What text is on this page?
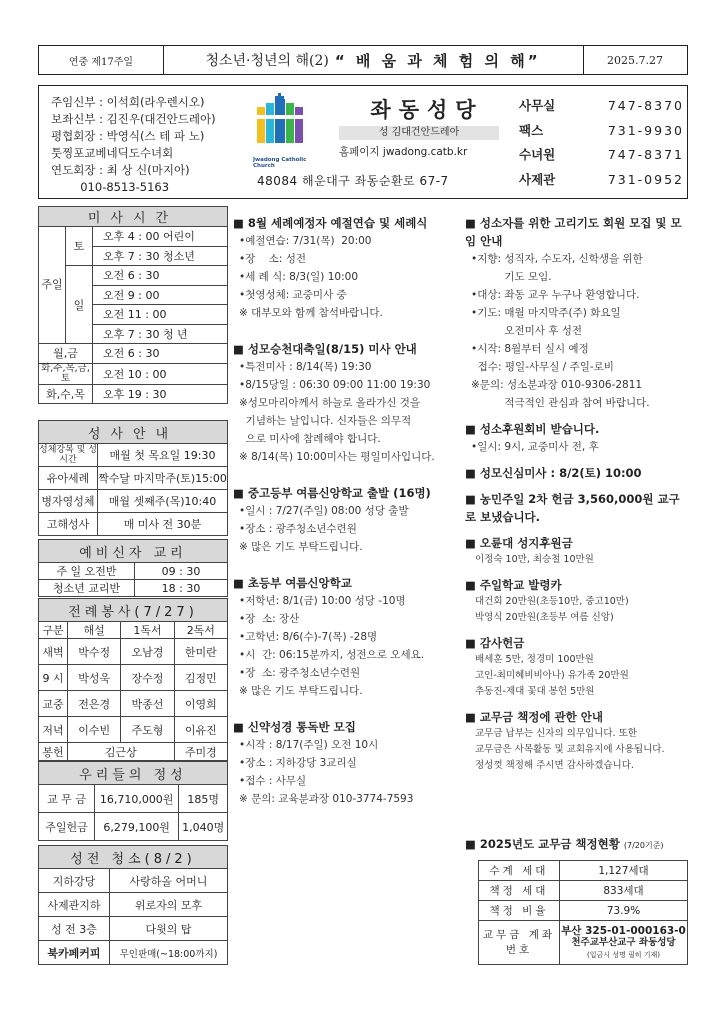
연중 제17주일	청소년·청년의 해(2) “ 배 움 과 체 험 의 해”	2025.7.27
주임신부 : 이석희(라우렌시오)
보좌신부 : 김진우(대건안드레아)
평협회장 : 박영식(스 테 파 노)
툿찡포교베네딕도수녀회
연도회장 : 최 상 신(마지아)
010-8513-5163
Jwadong Catholic Church
좌동성당
성 김대건안드레아
홈페이지 jwadong.catb.kr
48084 해운대구 좌동순환로 67-7
사무실	747-8370
팩스	731-9930
수녀원	747-8371
사제관	731-0952
미사시간		
주일	토	오후 4 : 00 어린이
		오후 7 : 30 청소년
	일	오전 6 : 30
		오전 9 : 00
		오전 11 : 00
		오후 7 : 30 청 년
월,금		오전 6 : 30
화,수,목,금,토		오전 10 : 00
화,수,목		오후 19 : 30
성사안내	
성체강복 및 성시간	매월 첫 목요일 19:30
유아세례	짝수달 마지막주(토)15:00
병자영성체	매월 셋째주(목)10:40
고해성사	매 미사 전 30분
예비신자 교리	
주 일 오전반	09 : 30
청소년 교리반	18 : 30
전례봉사(7/27)			
구분	해설	1독서	2독서
새벽	박수정	오남경	한미란
9 시	박성욱	장수정	김정민
교중	전은경	박종선	이영희
저녁	이수빈	주도형	이유진
봉헌	김근상		주미경
우리들의 정성		
교 무 금	16,710,000원	185명
주일헌금	6,279,100원	1,040명
성전 청소(8/2)	
지하강당	사랑하올 어머니
사제관지하	위로자의 모후
성 전 3층	다윗의 탑
북카페커피	무인판매(~18:00까지)
■ 8월 세례예정자 예절연습 및 세례식
•예절연습: 7/31(목)  20:00
•장    소: 성전
•세 례 식: 8/3(일) 10:00
•첫영성체: 교중미사 중
※ 대부모와 함께 참석바랍니다.
■ 성모승천대축일(8/15) 미사 안내
•특전미사 : 8/14(목) 19:30
•8/15당일 : 06:30 09:00 11:00 19:30
※성모마리아께서 하늘로 올라가신 것을
기념하는 날입니다. 신자들은 의무적
으로 미사에 참례해야 합니다.
※ 8/14(목) 10:00미사는 평일미사입니다.
■ 중고등부 여름신앙학교 출발 (16명)
•일시 : 7/27(주일) 08:00 성당 출발
•장소 : 광주청소년수련원
※ 많은 기도 부탁드립니다.
■ 초등부 여름신앙학교
•저학년: 8/1(금) 10:00 성당 -10명
•장  소: 장산
•고학년: 8/6(수)-7(목) -28명
•시  간: 06:15분까지, 성전으로 오세요.
•장  소: 광주청소년수련원
※ 많은 기도 부탁드립니다.
■ 신약성경 통독반 모집
•시작 : 8/17(주일) 오전 10시
•장소 : 지하강당 3교리실
•접수 : 사무실
※ 문의: 교육분과장 010-3774-7593
■ 성소자를 위한 고리기도 회원 모집 및 모임 안내
•지향: 성직자, 수도자, 신학생을 위한
기도 모임.
•대상: 좌동 교우 누구나 환영합니다.
•기도: 매월 마지막주(주) 화요일
오전미사 후 성전
•시작: 8월부터 실시 예정
접수: 평일-사무실 / 주일-로비
※문의: 성소분과장 010-9306-2811
적극적인 관심과 참여 바랍니다.
■ 성소후원회비 받습니다.
•일시: 9시, 교중미사 전, 후
■ 성모신심미사 : 8/2(토) 10:00
■ 농민주일 2차 헌금 3,560,000원 교구로 보냈습니다.
■ 오륜대 성지후원금
이정숙 10만, 최승철 10만원
■ 주일학교 발령카
대건회 20만원(초등10만, 중고10만)
박영식 20만원(초등부 여름 신앙)
■ 감사헌금
배세훈 5만, 정경미 100만원
고인-최미혜비비아나) 유가족 20만원
추동진-제대 꽃대 봉헌 5만원
■ 교무금 책정에 관한 안내
교무금 납부는 신자의 의무입니다. 또한
교무금은 사목활동 및 교회유지에 사용됩니다.
정성껏 책정해 주시면 감사하겠습니다.
■ 2025년도 교무금 책정현황 (7/20기준)
수계 세대	1,127세대
책정 세대	833세대
책정 비율	73.9%
교무금 계좌번호	부산 325-01-000163-0
천주교부산교구 좌동성당
(입금시 성명 필히 기재)
